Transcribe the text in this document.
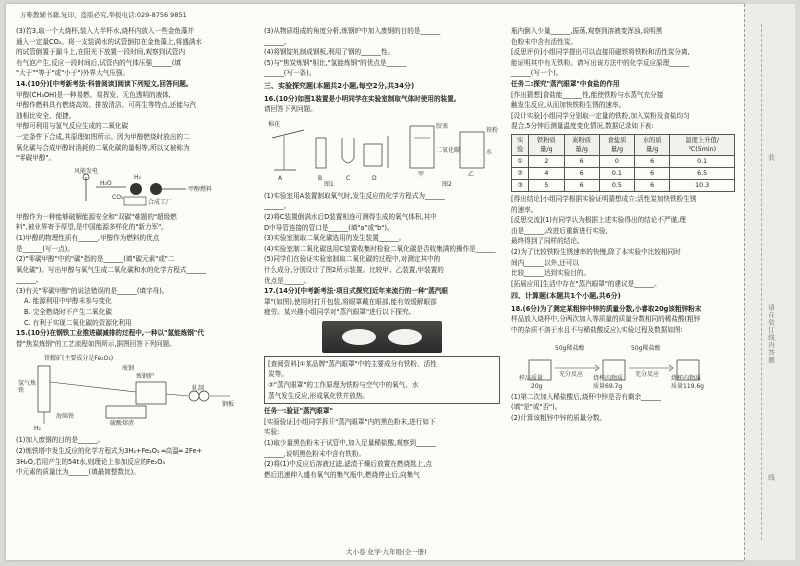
万唯教辅书籍,复印、盗版必究,举报电话:029-8756 9851

(3)若3,取一个大烧杯,装入大半杯水,烧杯内放入一些金鱼藻并

通入一定量CO₂。将一支装满水的试管倒扣在金鱼藻上,将盛满水

的试管倒置于漏斗上,在阳光下放置一段时间,观察到试管内

有气泡产生,反应一段时间后,试管内的气体压强______(填

"大于""等于"或"小于")外界大气压强。

14.(10分)[中考新考法·科普阅读]阅读下列短文,回答问题。

甲醇(CH₃OH)是一种易燃、易挥发、无色透明的液体,

甲醇作燃料具有燃烧高效、排放清洁、可再生等特点,还能与汽

油相比安全、便捷。

甲醇可利用与氢气反应生成的二氧化碳

一定条件下合成,其原理如图所示。因为甲醇燃烧时放出的二

氧化碳与合成甲醇时消耗的二氧化碳的量相等,所以又被称为

"零碳甲醇"。

风能发电
H₂O
H₂
CO₂
合成工厂
甲醇燃料

甲醇作为一种能够破解能源安全和"双碳"难题的"超级燃

料",被业界寄予厚望,是中国能源多样化的"新力军"。

(1)甲醇的物理性质有______,甲醇作为燃料的优点

是______(写一点)。

(2)"零碳甲醇"中的"碳"指的是______(填"碳元素"或"二

氧化碳")。写出甲醇与氧气生成二氧化碳和水的化学方程式______

______。

(3)有关"零碳甲醇"的说法错误的是______(填字母)。

A. 能源利用中甲醇未参与变化

B. 完全燃烧时不产生二氧化碳

C. 有利于实现二氧化碳的资源化利用

15.(10分)在钢铁工业推进碳减排的过程中,一种以"氢能炼钢"代

替"焦炭炼钢"的工艺流程如图所示,据图回答下列问题。

铁精矿(主要成分是Fe₂O₃)
氢气炼铁
炼钢炉
废钢
轧制
钢板
海绵铁
硫酸熔渣
H₂

(1)加入废钢的目的是______。

(2)炼铁塔中发生反应的化学方程式为3H₂+Fe₂O₃ ═高温═ 2Fe+

3H₂O,若用产生的54t水,则理论上参加反应的Fe₂O₃

中元素的质量比为______(填最简整数比)。

(3)从物质组成的角度分析,炼钢炉中加入废钢的目的是______

______。

(4)将钢锭轧制成钢板,利用了钢的______性。

(5)与"焦炭炼钢"相比,"氢能炼钢"的优点是______

______(写一条)。

三、实验探究题(本题共2小题,每空2分,共34分)

16.(10分)如图1装置是小明同学在实验室制取气体时使用的装置,

请回答下列问题。

棉花
A	B	C	D
图1
甲	乙
图2
胶塞
铁粉
二氧化碳	水

(1)实验室用A装置制取氧气时,发生反应的化学方程式为______

______。

(2)将C装置倒满水后D装置相连可测得生成的氧气体积,其中

D中导管连接的管口是______(填"a"或"b")。

(3)实验室制取二氧化碳选用的发生装置______。

(4)实验室制二氧化碳选用C装置收集时检验二氧化碳是否收集满的操作是______

(5)同学们在验证实验室制取二氧化碳的过程中,对测定其中的

什么成分,分别设计了图2所示装置。比较甲、乙装置,甲装置的

优点是______。

17.(14分)[中考新考法·项目式探究]近年来流行的一种"蒸汽眼

罩"(如图),使用时打开包装,将眼罩戴在眼部,能有效缓解眼部

疲劳。某兴趣小组同学对"蒸汽眼罩"进行以下探究。

[查阅资料]①某品牌"蒸汽眼罩"中的主要成分有铁粉、活性

炭等。

②"蒸汽眼罩"的工作原理为铁粉与空气中的氧气、水

蒸气发生反应,形成氧化铁并放热。

任务一:验证"蒸汽眼罩"

[实验验证]小组同学拆开"蒸汽眼罩"内的黑色粉末,进行如下

实验:

(1)取少量黑色粉末于试管中,加入足量稀盐酸,观察到______

______,说明黑色粉末中含有铁粉。

(2)将(1)中反应后溶液过滤,滤渣干燥后放置在燃烧匙上,点

燃后迅速伸入盛有氧气的集气瓶中,燃烧停止后,向集气

瓶内倒入少量______,振荡,观察到溶液变浑浊,说明黑

色粉末中含有活性炭。

[反思评价]小组同学提出可以直接用磁铁将铁粉和活性炭分离,

能证明其中有无铁粉。请写出该方法中的化学反应原理______

______(写一个)。

任务二:探究"蒸汽眼罩"中食盐的作用

[作出猜想]食盐能______性,能使铁粉与水蒸气充分接

触发生反应,从而加快铁粉生锈的速率。

[设计实验]小组同学分别取一定量的铁粉,加入炭粉及食盐均匀

混合,5分钟后测量温度变化情况,数据记录如下表:

实验	铁粉质量/g	炭粉质量/g	食盐质量/g	水的质量/g	温度上升值/℃(5min)
①	2	6	0	6	0.1
②	4	6	0.1	6	6.5
③	5	6	0.5	6	10.3

[得出结论]小组同学根据实验证明猜想成立:活性炭加快铁粉生锈

的速率。

[反思交流](1)有同学认为根据上述实验得出的结论不严谨,理

由是______,改进后重新进行实验,

最终得到了同样的结论。

(2)为了比较铁粉生锈速率的快慢,除了本实验中比较相同时

间内______以外,还可以

比较______达到实验目的。

[拓展应用]生活中存在"蒸汽眼罩"的建议是______。

四、计算题(本题共1个小题,共6分)

18.(6分)为了测定某粗锌中锌的质量分数,小睿取20g该粗锌粉末

样品放入烧杯中,分两次加入等质量的质量分数相同的稀盐酸(粗锌

中的杂质不溶于水且不与稀盐酸反应),实验过程及数据如图:

50g稀盐酸
充分反应
50g稀盐酸
充分反应
样品质量
20g
烧杯内物质
质量69.7g
烧杯内物质
质量119.6g

(1)第二次加入稀盐酸后,烧杯中锌是否有剩余______

(填"是"或"否")。

(2)计算该粗锌中锌的质量分数。

大小卷 化学·九年级(全一册)
装
请在装订线内答题
线
